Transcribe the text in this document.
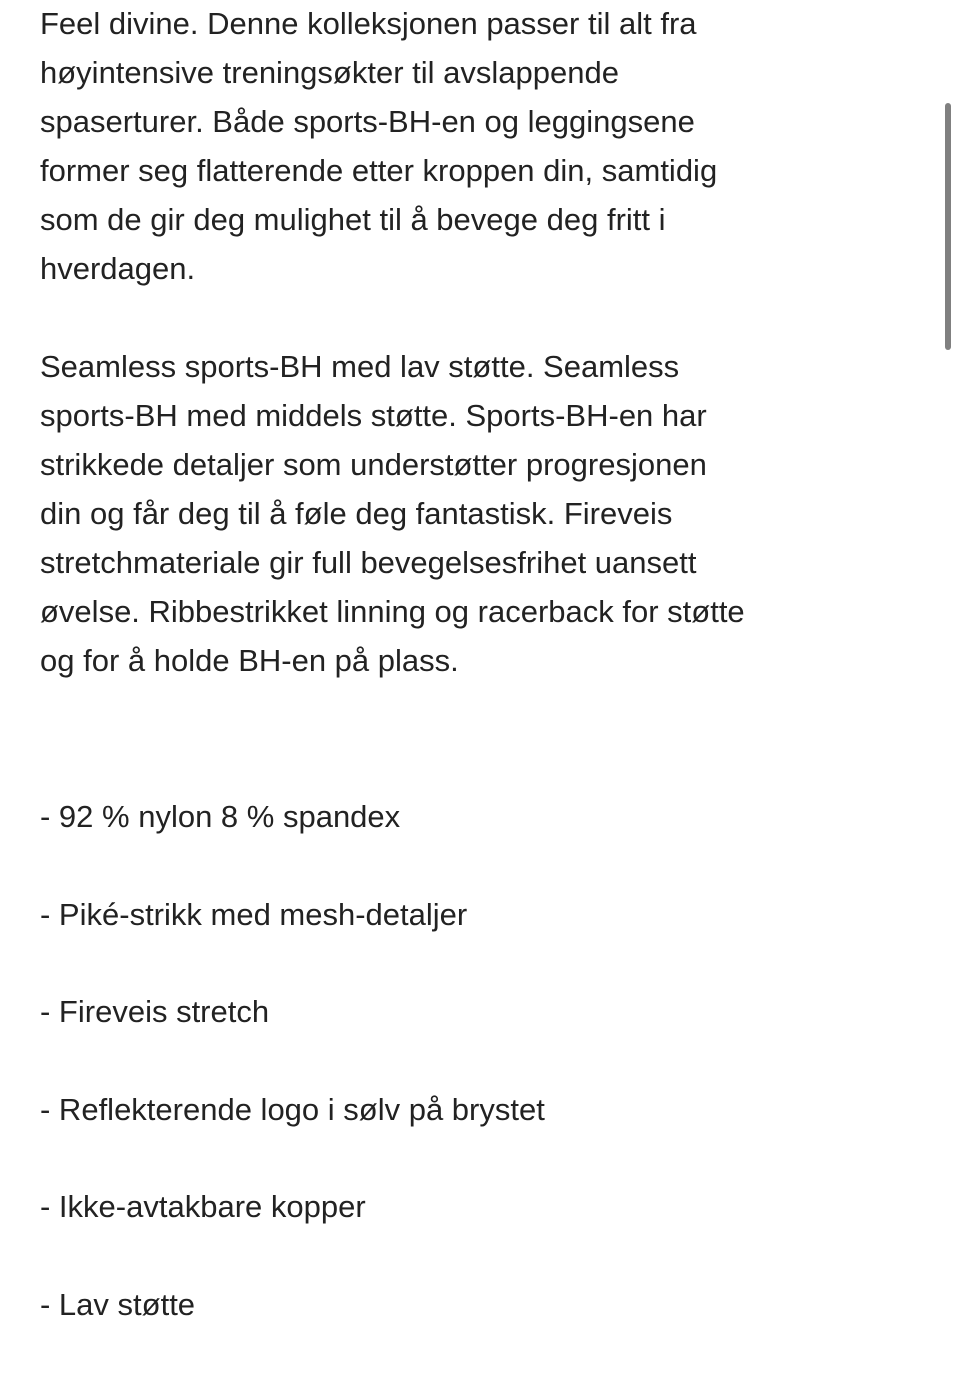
Feel divine. Denne kolleksjonen passer til alt fra
høyintensive treningsøkter til avslappende
spaserturer. Både sports-BH-en og leggingsene
former seg flatterende etter kroppen din, samtidig
som de gir deg mulighet til å bevege deg fritt i
hverdagen.
Seamless sports-BH med lav støtte. Seamless
sports-BH med middels støtte. Sports-BH-en har
strikkede detaljer som understøtter progresjonen
din og får deg til å føle deg fantastisk. Fireveis
stretchmateriale gir full bevegelsesfrihet uansett
øvelse. Ribbestrikket linning og racerback for støtte
og for å holde BH-en på plass.
- 92 % nylon 8 % spandex
- Piké-strikk med mesh-detaljer
- Fireveis stretch
- Reflekterende logo i sølv på brystet
- Ikke-avtakbare kopper
- Lav støtte
